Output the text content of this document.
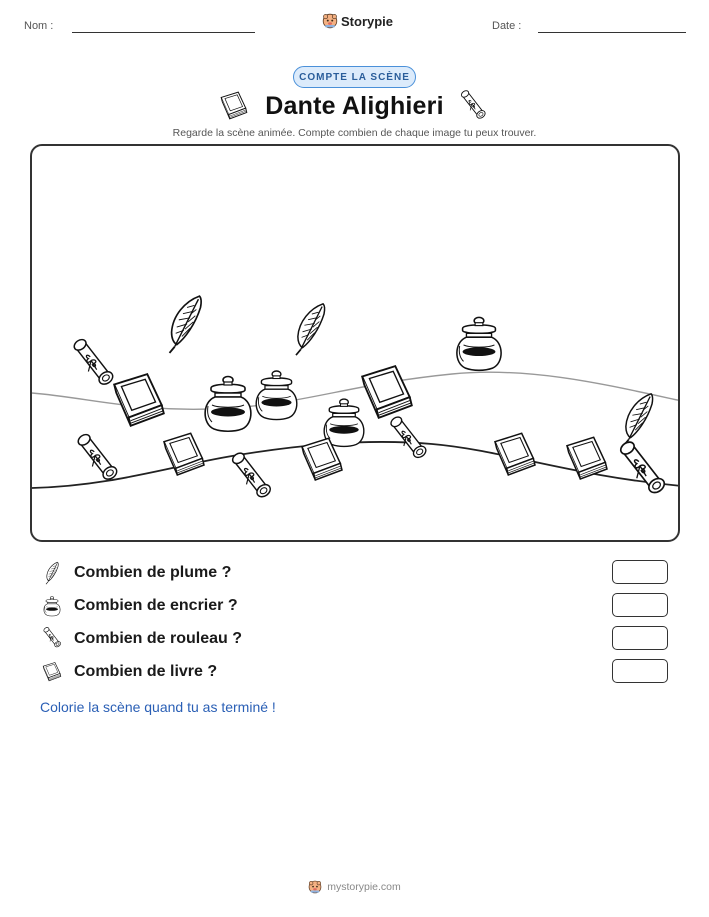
Nom :	Storypie	Date :
COMPTE LA SCÈNE
Dante Alighieri
Regarde la scène animée. Compte combien de chaque image tu peux trouver.
Combien de plume ?
Combien de encrier ?
Combien de rouleau ?
Combien de livre ?
Colorie la scène quand tu as terminé !
mystorypie.com
